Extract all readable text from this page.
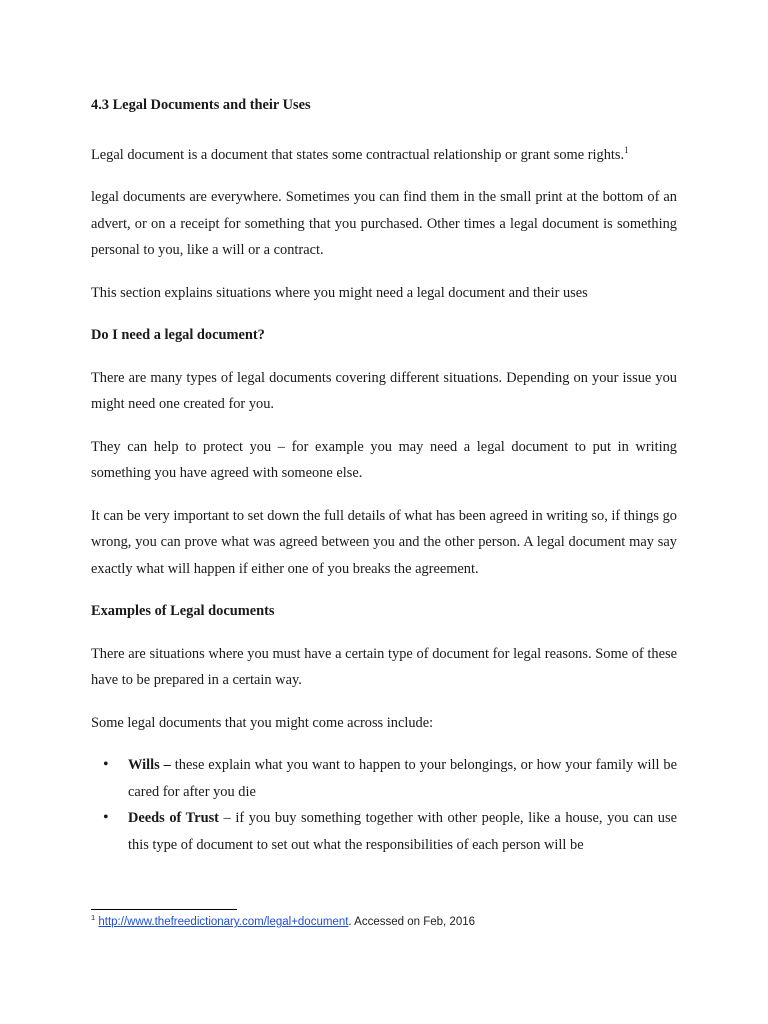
4.3 Legal Documents and their Uses

Legal document is a document that states some contractual relationship or grant some rights.$^1$

legal documents are everywhere. Sometimes you can find them in the small print at the bottom of an advert, or on a receipt for something that you purchased. Other times a legal document is something personal to you, like a will or a contract.

This section explains situations where you might need a legal document and their uses

Do I need a legal document?

There are many types of legal documents covering different situations. Depending on your issue you might need one created for you.

They can help to protect you – for example you may need a legal document to put in writing something you have agreed with someone else.

It can be very important to set down the full details of what has been agreed in writing so, if things go wrong, you can prove what was agreed between you and the other person. A legal document may say exactly what will happen if either one of you breaks the agreement.

Examples of Legal documents

There are situations where you must have a certain type of document for legal reasons. Some of these have to be prepared in a certain way.

Some legal documents that you might come across include:

• Wills – these explain what you want to happen to your belongings, or how your family will be cared for after you die
• Deeds of Trust – if you buy something together with other people, like a house, you can use this type of document to set out what the responsibilities of each person will be
$^1$ http://www.thefreedictionary.com/legal+document. Accessed on Feb, 2016
